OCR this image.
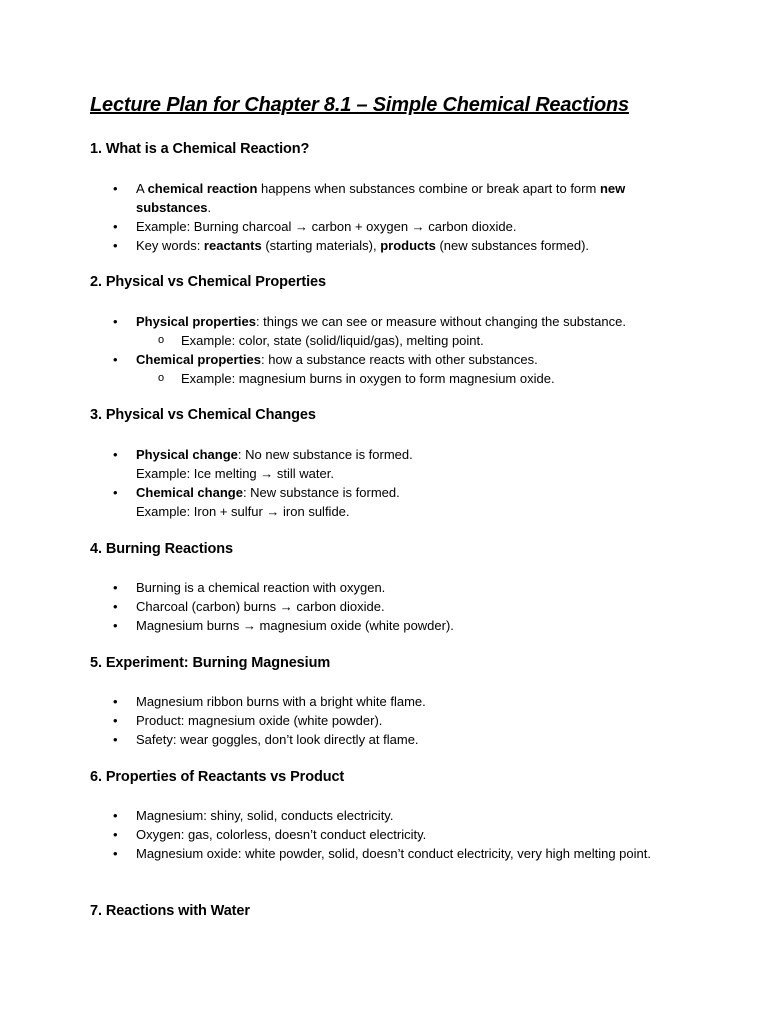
Lecture Plan for Chapter 8.1 – Simple Chemical Reactions
1. What is a Chemical Reaction?
• A chemical reaction happens when substances combine or break apart to form new substances.
• Example: Burning charcoal → carbon + oxygen → carbon dioxide.
• Key words: reactants (starting materials), products (new substances formed).
2. Physical vs Chemical Properties
• Physical properties: things we can see or measure without changing the substance.
o Example: color, state (solid/liquid/gas), melting point.
• Chemical properties: how a substance reacts with other substances.
o Example: magnesium burns in oxygen to form magnesium oxide.
3. Physical vs Chemical Changes
• Physical change: No new substance is formed.
Example: Ice melting → still water.
• Chemical change: New substance is formed.
Example: Iron + sulfur → iron sulfide.
4. Burning Reactions
• Burning is a chemical reaction with oxygen.
• Charcoal (carbon) burns → carbon dioxide.
• Magnesium burns → magnesium oxide (white powder).
5. Experiment: Burning Magnesium
• Magnesium ribbon burns with a bright white flame.
• Product: magnesium oxide (white powder).
• Safety: wear goggles, don’t look directly at flame.
6. Properties of Reactants vs Product
• Magnesium: shiny, solid, conducts electricity.
• Oxygen: gas, colorless, doesn’t conduct electricity.
• Magnesium oxide: white powder, solid, doesn’t conduct electricity, very high melting point.
7. Reactions with Water
